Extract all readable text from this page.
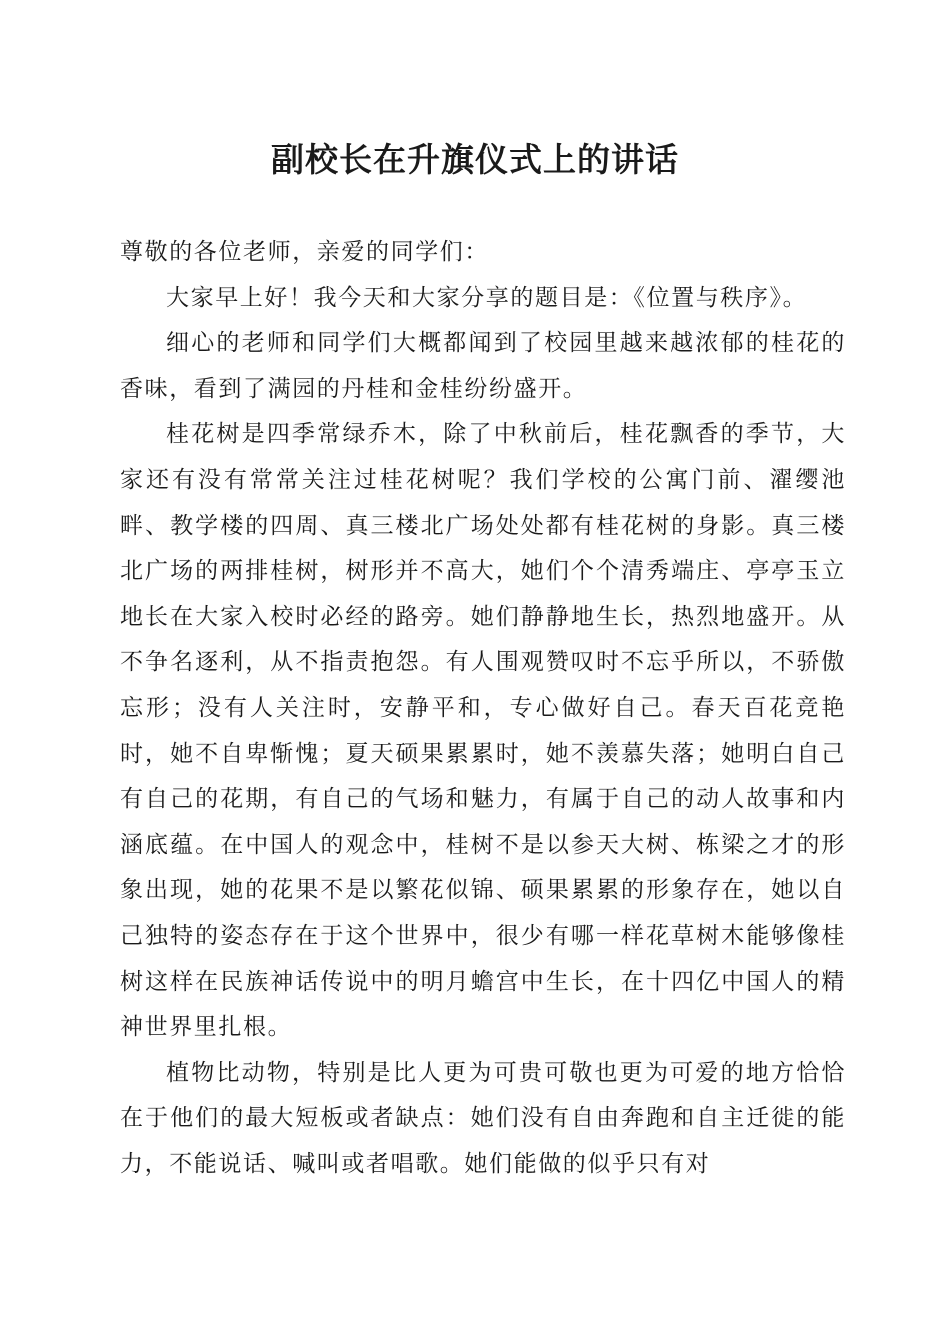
副校长在升旗仪式上的讲话

尊敬的各位老师，亲爱的同学们：

大家早上好！我今天和大家分享的题目是：《位置与秩序》。

细心的老师和同学们大概都闻到了校园里越来越浓郁的桂花的香味，看到了满园的丹桂和金桂纷纷盛开。

桂花树是四季常绿乔木，除了中秋前后，桂花飘香的季节，大家还有没有常常关注过桂花树呢？我们学校的公寓门前、濯缨池畔、教学楼的四周、真三楼北广场处处都有桂花树的身影。真三楼北广场的两排桂树，树形并不高大，她们个个清秀端庄、亭亭玉立地长在大家入校时必经的路旁。她们静静地生长，热烈地盛开。从不争名逐利，从不指责抱怨。有人围观赞叹时不忘乎所以，不骄傲忘形；没有人关注时，安静平和，专心做好自己。春天百花竞艳时，她不自卑惭愧；夏天硕果累累时，她不羡慕失落；她明白自己有自己的花期，有自己的气场和魅力，有属于自己的动人故事和内涵底蕴。在中国人的观念中，桂树不是以参天大树、栋梁之才的形象出现，她的花果不是以繁花似锦、硕果累累的形象存在，她以自己独特的姿态存在于这个世界中，很少有哪一样花草树木能够像桂树这样在民族神话传说中的明月蟾宫中生长，在十四亿中国人的精神世界里扎根。

植物比动物，特别是比人更为可贵可敬也更为可爱的地方恰恰在于他们的最大短板或者缺点：她们没有自由奔跑和自主迁徙的能力，不能说话、喊叫或者唱歌。她们能做的似乎只有对
